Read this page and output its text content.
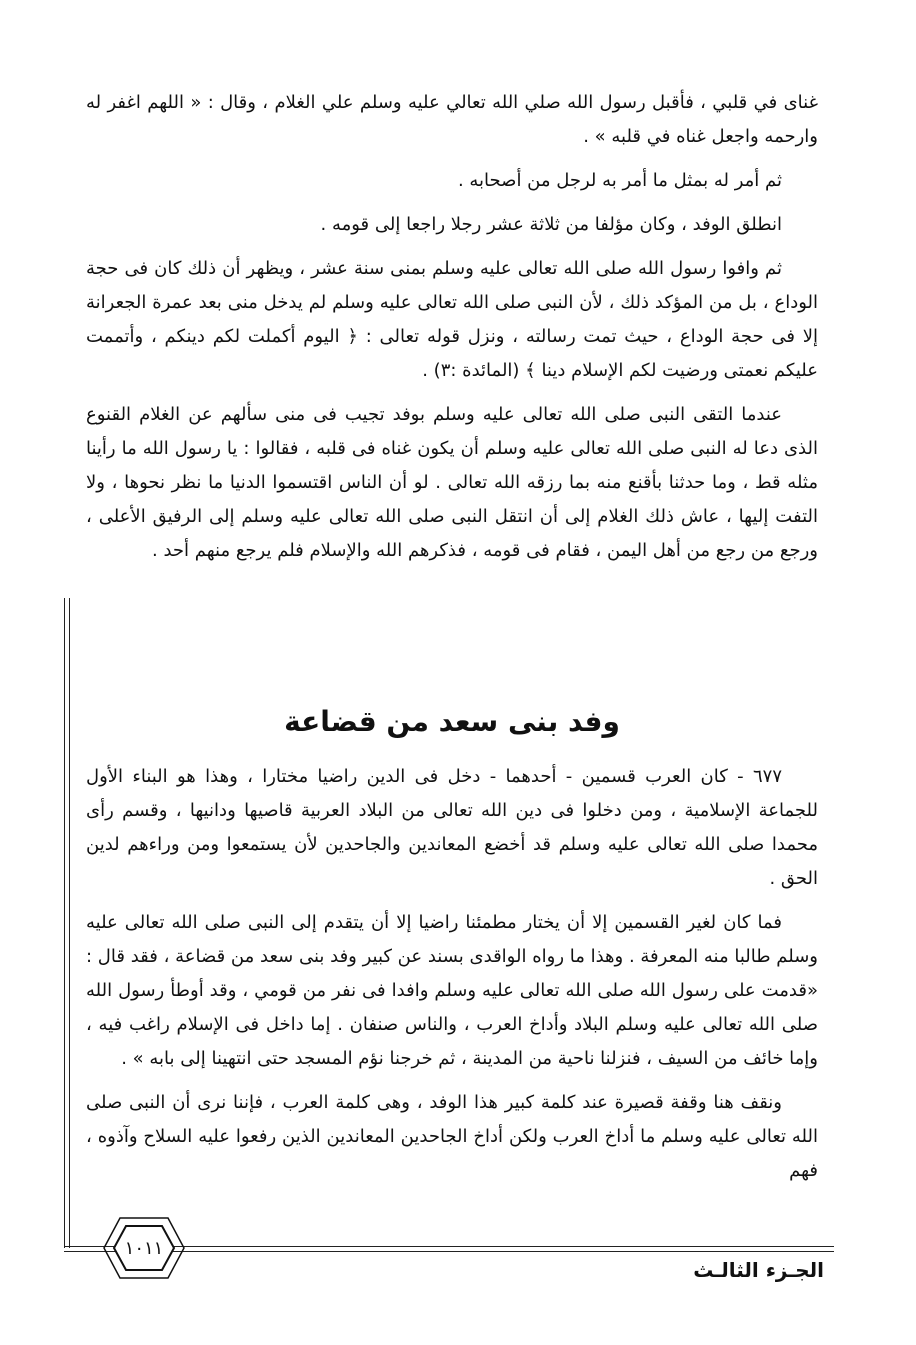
غناى في قلبي ، فأقبل رسول الله صلي الله تعالي عليه وسلم علي الغلام ، وقال : « اللهم اغفر له وارحمه واجعل غناه في قلبه » .

ثم أمر له بمثل ما أمر به لرجل من أصحابه .

انطلق الوفد ، وكان مؤلفا من ثلاثة عشر رجلا راجعا إلى قومه .

ثم وافوا رسول الله صلى الله تعالى عليه وسلم بمنى سنة عشر ، ويظهر أن ذلك كان فى حجة الوداع ، بل من المؤكد ذلك ، لأن النبى صلى الله تعالى عليه وسلم لم يدخل منى بعد عمرة الجعرانة إلا فى حجة الوداع ، حيث تمت رسالته ، ونزل قوله تعالى : ﴿ اليوم أكملت لكم دينكم ، وأتممت عليكم نعمتى ورضيت لكم الإسلام دينا ﴾ (المائدة :٣) .

عندما التقى النبى صلى الله تعالى عليه وسلم بوفد تجيب فى منى سألهم عن الغلام القنوع الذى دعا له النبى صلى الله تعالى عليه وسلم أن يكون غناه فى قلبه ، فقالوا : يا رسول الله ما رأينا مثله قط ، وما حدثنا بأقنع منه بما رزقه الله تعالى . لو أن الناس اقتسموا الدنيا ما نظر نحوها ، ولا التفت إليها ، عاش ذلك الغلام إلى أن انتقل النبى صلى الله تعالى عليه وسلم إلى الرفيق الأعلى ، ورجع من رجع من أهل اليمن ، فقام فى قومه ، فذكرهم الله والإسلام فلم يرجع منهم أحد .

وفد بنى سعد من قضاعة

٦٧٧ - كان العرب قسمين - أحدهما - دخل فى الدين راضيا مختارا ، وهذا هو البناء الأول للجماعة الإسلامية ، ومن دخلوا فى دين الله تعالى من البلاد العربية قاصيها ودانيها ، وقسم رأى محمدا صلى الله تعالى عليه وسلم قد أخضع المعاندين والجاحدين لأن يستمعوا ومن وراءهم لدين الحق .

فما كان لغير القسمين إلا أن يختار مطمئنا راضيا إلا أن يتقدم إلى النبى صلى الله تعالى عليه وسلم طالبا منه المعرفة . وهذا ما رواه الواقدى بسند عن كبير وفد بنى سعد من قضاعة ، فقد قال : «قدمت على رسول الله صلى الله تعالى عليه وسلم وافدا فى نفر من قومي ، وقد أوطأ رسول الله صلى الله تعالى عليه وسلم البلاد وأداخ العرب ، والناس صنفان . إما داخل فى الإسلام راغب فيه ، وإما خائف من السيف ، فنزلنا ناحية من المدينة ، ثم خرجنا نؤم المسجد حتى انتهينا إلى بابه » .

ونقف هنا وقفة قصيرة عند كلمة كبير هذا الوفد ، وهى كلمة العرب ، فإننا نرى أن النبى صلى الله تعالى عليه وسلم ما أداخ العرب ولكن أداخ الجاحدين المعاندين الذين رفعوا عليه السلاح وآذوه ، فهم

١٠١١
الجـزء الثالـث
